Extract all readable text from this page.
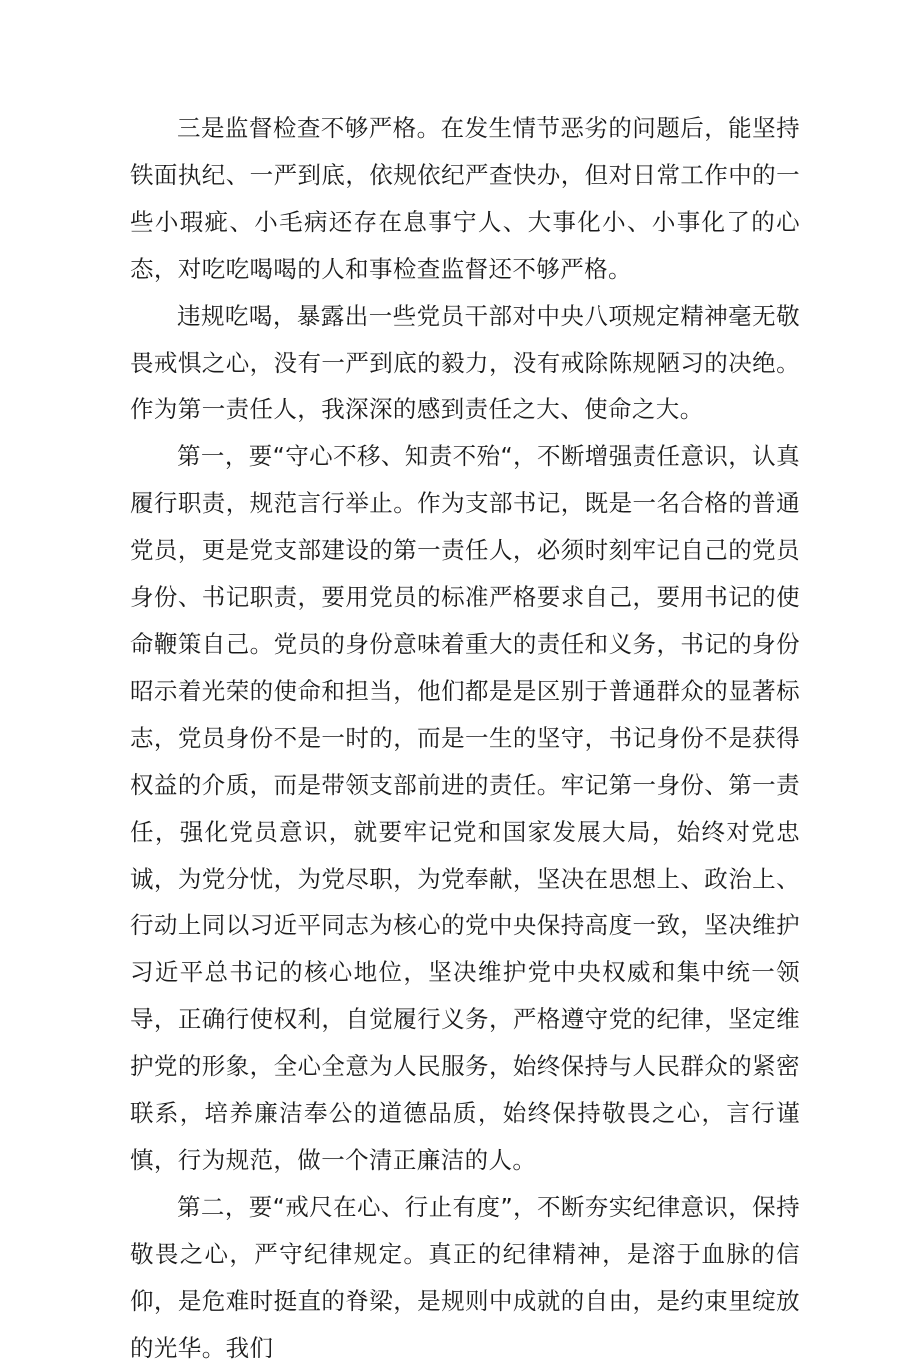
三是监督检查不够严格。在发生情节恶劣的问题后，能坚持铁面执纪、一严到底，依规依纪严查快办，但对日常工作中的一些小瑕疵、小毛病还存在息事宁人、大事化小、小事化了的心态，对吃吃喝喝的人和事检查监督还不够严格。

违规吃喝，暴露出一些党员干部对中央八项规定精神毫无敬畏戒惧之心，没有一严到底的毅力，没有戒除陈规陋习的决绝。作为第一责任人，我深深的感到责任之大、使命之大。

第一，要“守心不移、知责不殆“，不断增强责任意识，认真履行职责，规范言行举止。作为支部书记，既是一名合格的普通党员，更是党支部建设的第一责任人，必须时刻牢记自己的党员身份、书记职责，要用党员的标准严格要求自己，要用书记的使命鞭策自己。党员的身份意味着重大的责任和义务，书记的身份昭示着光荣的使命和担当，他们都是是区别于普通群众的显著标志，党员身份不是一时的，而是一生的坚守，书记身份不是获得权益的介质，而是带领支部前进的责任。牢记第一身份、第一责任，强化党员意识，就要牢记党和国家发展大局，始终对党忠诚，为党分忧，为党尽职，为党奉献，坚决在思想上、政治上、行动上同以习近平同志为核心的党中央保持高度一致，坚决维护习近平总书记的核心地位，坚决维护党中央权威和集中统一领导，正确行使权利，自觉履行义务，严格遵守党的纪律，坚定维护党的形象，全心全意为人民服务，始终保持与人民群众的紧密联系，培养廉洁奉公的道德品质，始终保持敬畏之心，言行谨慎，行为规范，做一个清正廉洁的人。

第二，要“戒尺在心、行止有度”，不断夯实纪律意识，保持敬畏之心，严守纪律规定。真正的纪律精神，是溶于血脉的信仰，是危难时挺直的脊梁，是规则中成就的自由，是约束里绽放的光华。我们
